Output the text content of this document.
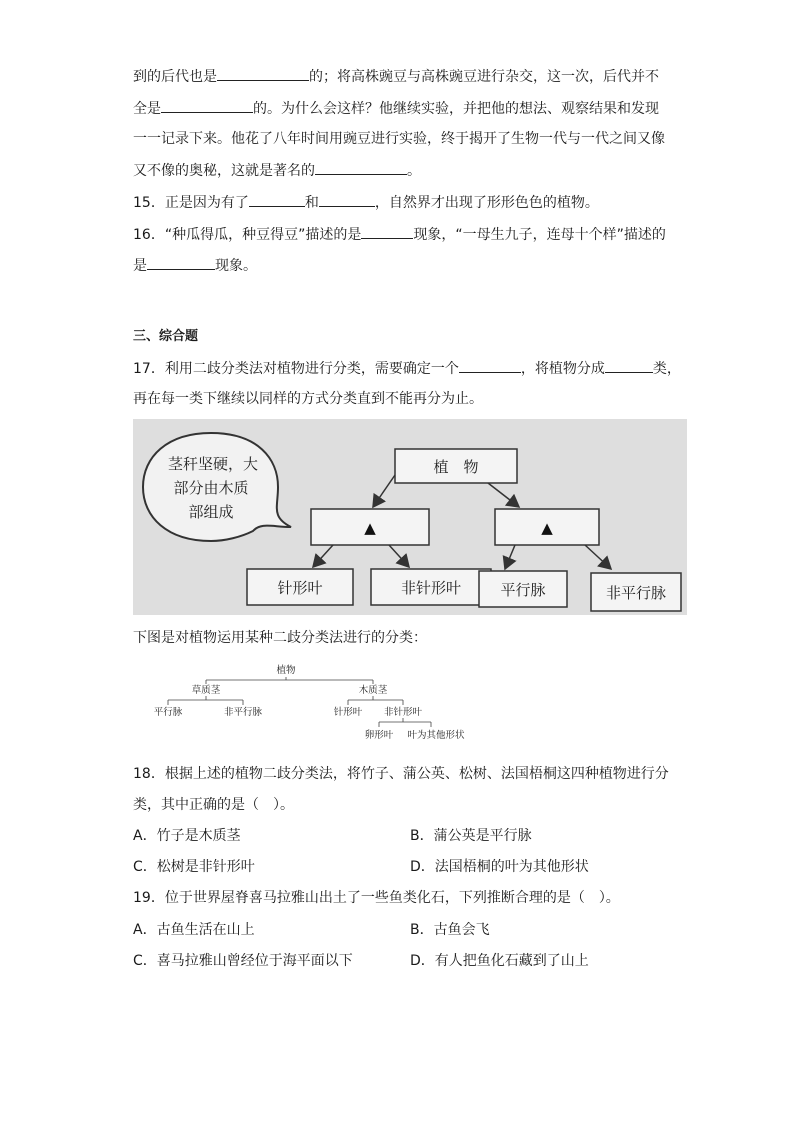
到的后代也是	的；将高株豌豆与高株豌豆进行杂交，这一次，后代并不
全是	的。为什么会这样？他继续实验，并把他的想法、观察结果和发现
一一记录下来。他花了八年时间用豌豆进行实验，终于揭开了生物一代与一代之间又像
又不像的奥秘，这就是著名的	。
15．正是因为有了	和	，自然界才出现了形形色色的植物。
16．“种瓜得瓜，种豆得豆”描述的是	现象，“一母生九子，连母十个样”描述的
是	现象。
三、综合题
17．利用二歧分类法对植物进行分类，需要确定一个	，将植物分成	类，
再在每一类下继续以同样的方式分类直到不能再分为止。
茎秆坚硬，大
部分由木质
部组成
植　物
▲	▲
针形叶	非针形叶	平行脉	非平行脉
下图是对植物运用某种二歧分类法进行的分类：
植物
草质茎	木质茎
平行脉	非平行脉	针形叶 非针形叶
卵形叶 叶为其他形状
18．根据上述的植物二歧分类法，将竹子、蒲公英、松树、法国梧桐这四种植物进行分
类，其中正确的是（　）。
A．竹子是木质茎	B．蒲公英是平行脉
C．松树是非针形叶	D．法国梧桐的叶为其他形状
19．位于世界屋脊喜马拉雅山出土了一些鱼类化石，下列推断合理的是（　）。
A．古鱼生活在山上	B．古鱼会飞
C．喜马拉雅山曾经位于海平面以下	D．有人把鱼化石藏到了山上
